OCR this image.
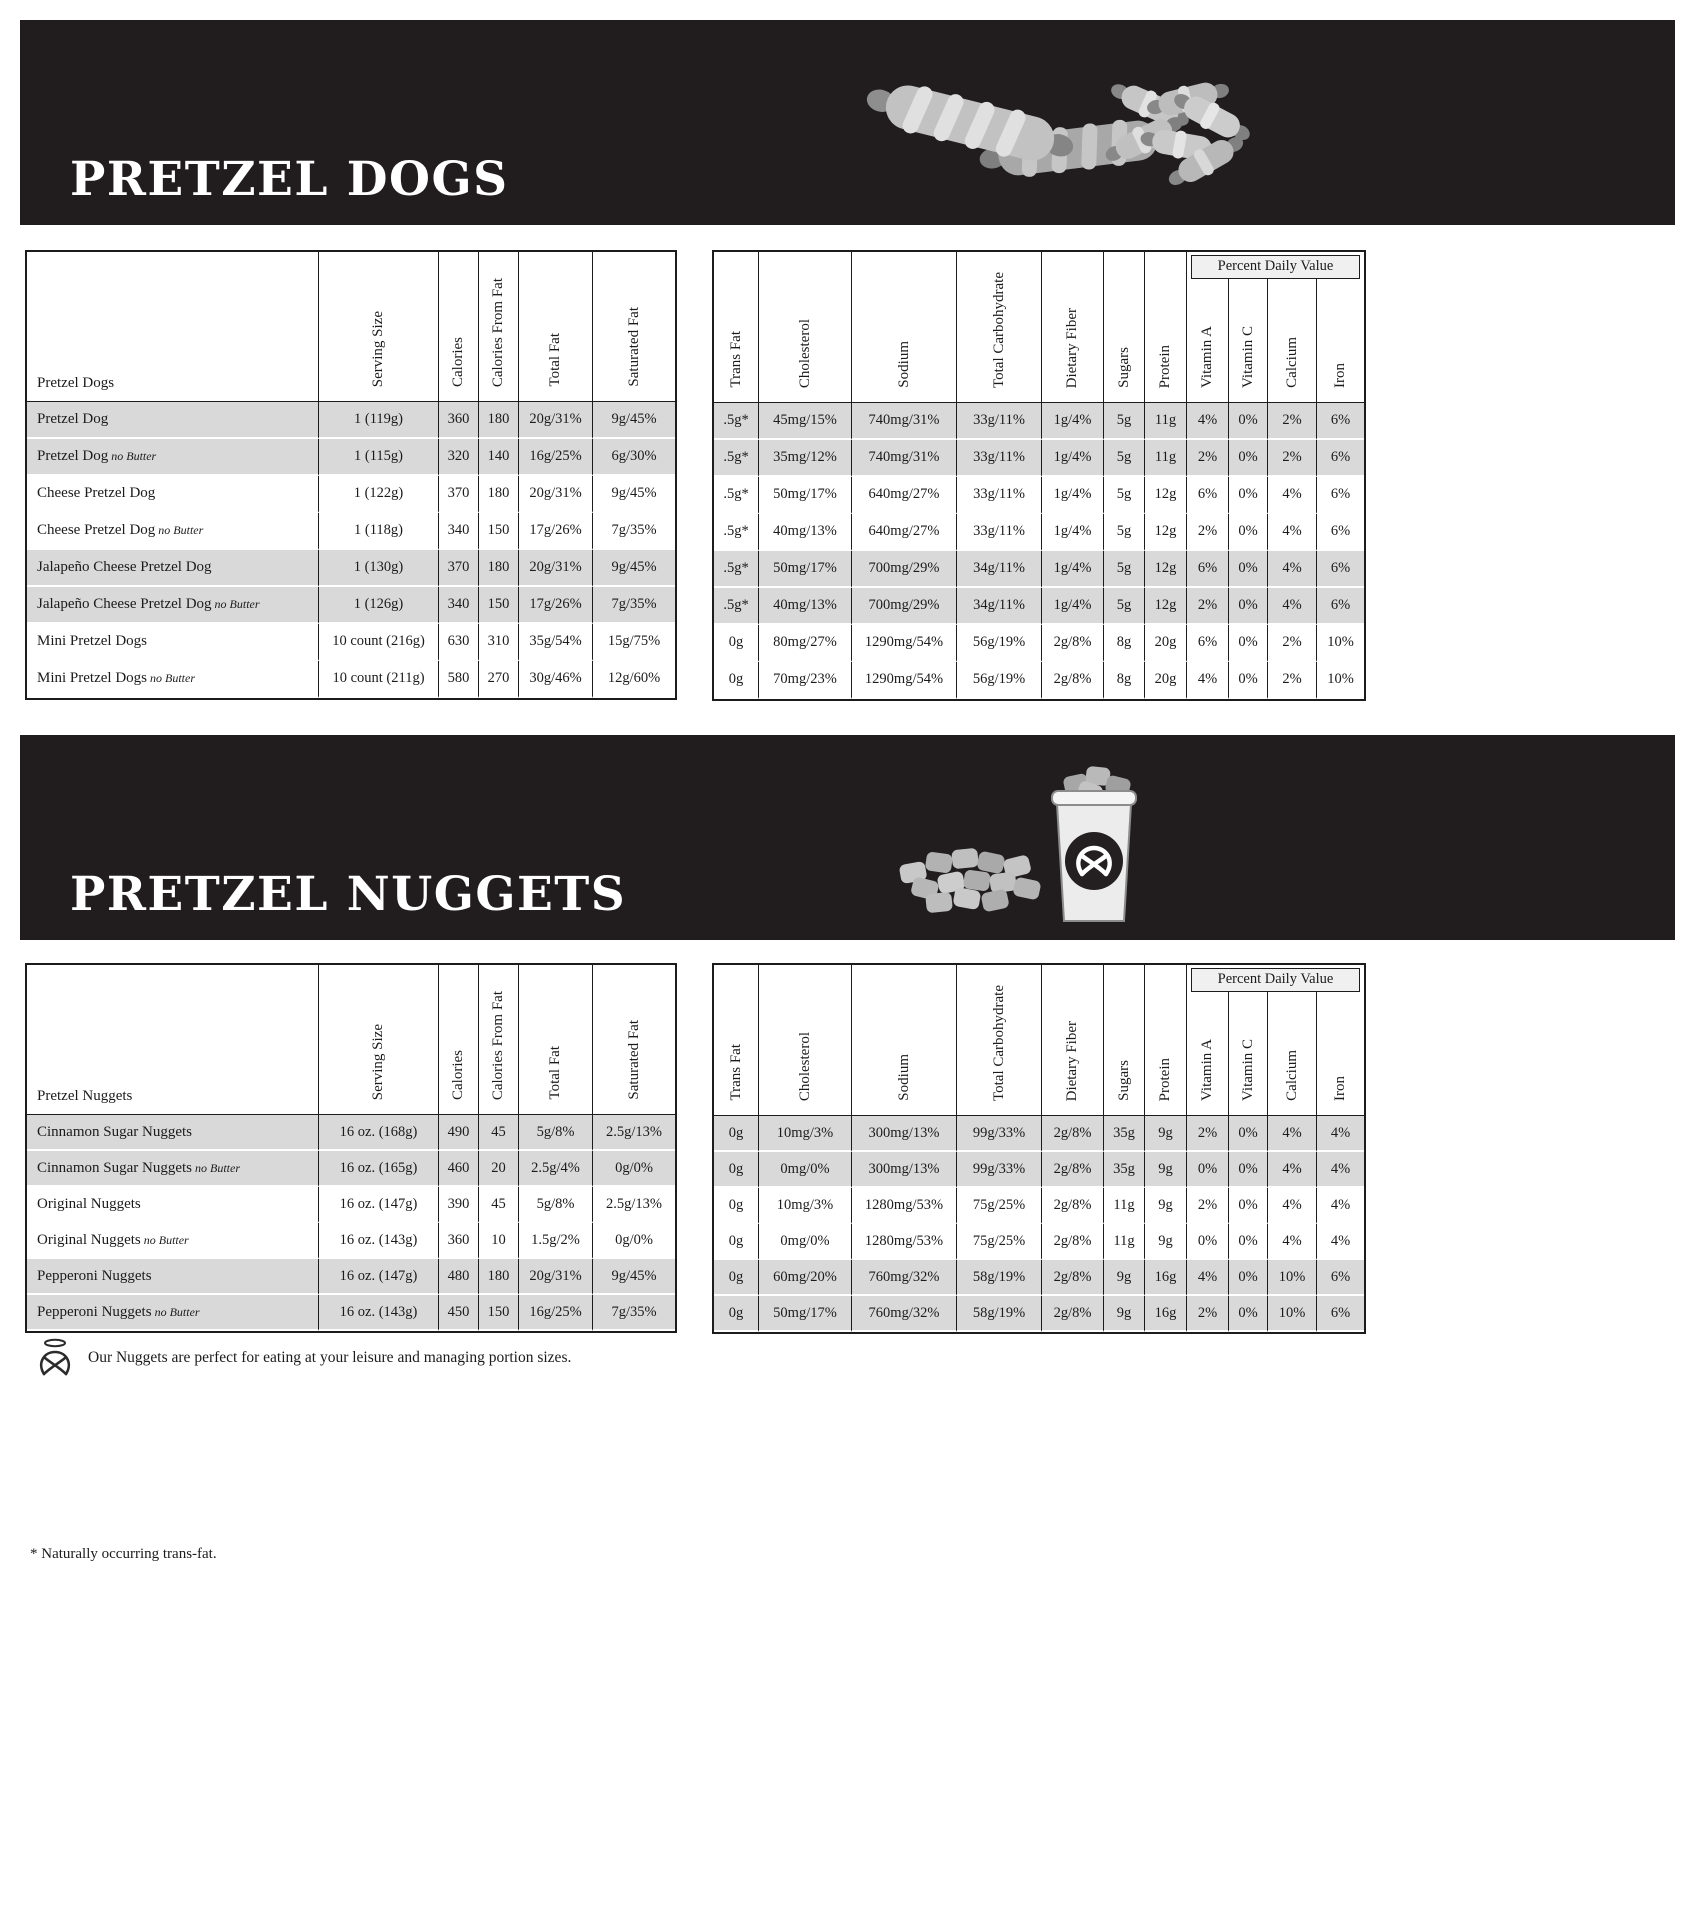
PRETZEL DOGS
Pretzel Dogs	Serving Size	Calories	Calories From Fat	Total Fat	Saturated Fat
Pretzel Dog	1 (119g)	360	180	20g/31%	9g/45%
Pretzel Dog no Butter	1 (115g)	320	140	16g/25%	6g/30%
Cheese Pretzel Dog	1 (122g)	370	180	20g/31%	9g/45%
Cheese Pretzel Dog no Butter	1 (118g)	340	150	17g/26%	7g/35%
Jalapeño Cheese Pretzel Dog	1 (130g)	370	180	20g/31%	9g/45%
Jalapeño Cheese Pretzel Dog no Butter	1 (126g)	340	150	17g/26%	7g/35%
Mini Pretzel Dogs	10 count (216g)	630	310	35g/54%	15g/75%
Mini Pretzel Dogs no Butter	10 count (211g)	580	270	30g/46%	12g/60%
Trans Fat	Cholesterol	Sodium	Total Carbohydrate	Dietary Fiber	Sugars	Protein	Percent Daily Value			

							Vitamin A	Vitamin C	Calcium	Iron
.5g*	45mg/15%	740mg/31%	33g/11%	1g/4%	5g	11g	4%	0%	2%	6%
.5g*	35mg/12%	740mg/31%	33g/11%	1g/4%	5g	11g	2%	0%	2%	6%
.5g*	50mg/17%	640mg/27%	33g/11%	1g/4%	5g	12g	6%	0%	4%	6%
.5g*	40mg/13%	640mg/27%	33g/11%	1g/4%	5g	12g	2%	0%	4%	6%
.5g*	50mg/17%	700mg/29%	34g/11%	1g/4%	5g	12g	6%	0%	4%	6%
.5g*	40mg/13%	700mg/29%	34g/11%	1g/4%	5g	12g	2%	0%	4%	6%
0g	80mg/27%	1290mg/54%	56g/19%	2g/8%	8g	20g	6%	0%	2%	10%
0g	70mg/23%	1290mg/54%	56g/19%	2g/8%	8g	20g	4%	0%	2%	10%
PRETZEL NUGGETS
Pretzel Nuggets	Serving Size	Calories	Calories From Fat	Total Fat	Saturated Fat
Cinnamon Sugar Nuggets	16 oz. (168g)	490	45	5g/8%	2.5g/13%
Cinnamon Sugar Nuggets no Butter	16 oz. (165g)	460	20	2.5g/4%	0g/0%
Original Nuggets	16 oz. (147g)	390	45	5g/8%	2.5g/13%
Original Nuggets no Butter	16 oz. (143g)	360	10	1.5g/2%	0g/0%
Pepperoni Nuggets	16 oz. (147g)	480	180	20g/31%	9g/45%
Pepperoni Nuggets no Butter	16 oz. (143g)	450	150	16g/25%	7g/35%
Trans Fat	Cholesterol	Sodium	Total Carbohydrate	Dietary Fiber	Sugars	Protein	Percent Daily Value			

							Vitamin A	Vitamin C	Calcium	Iron
0g	10mg/3%	300mg/13%	99g/33%	2g/8%	35g	9g	2%	0%	4%	4%
0g	0mg/0%	300mg/13%	99g/33%	2g/8%	35g	9g	0%	0%	4%	4%
0g	10mg/3%	1280mg/53%	75g/25%	2g/8%	11g	9g	2%	0%	4%	4%
0g	0mg/0%	1280mg/53%	75g/25%	2g/8%	11g	9g	0%	0%	4%	4%
0g	60mg/20%	760mg/32%	58g/19%	2g/8%	9g	16g	4%	0%	10%	6%
0g	50mg/17%	760mg/32%	58g/19%	2g/8%	9g	16g	2%	0%	10%	6%
Our Nuggets are perfect for eating at your leisure and managing portion sizes.
* Naturally occurring trans-fat.
